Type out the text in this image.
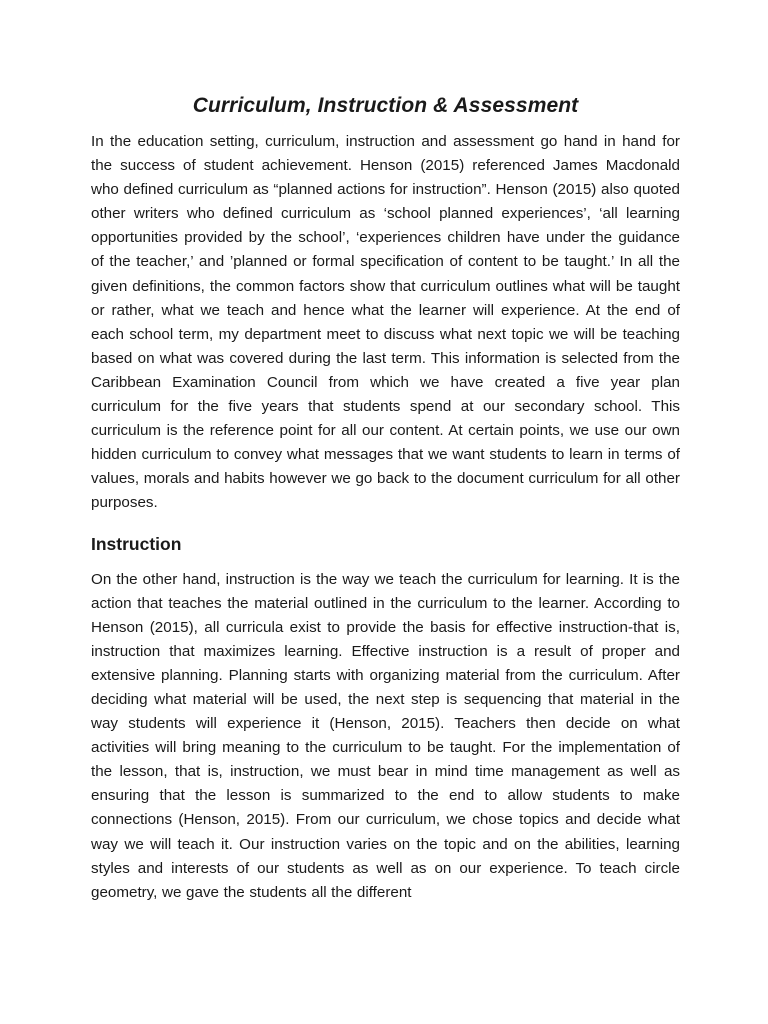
Curriculum, Instruction & Assessment

In the education setting, curriculum, instruction and assessment go hand in hand for the success of student achievement. Henson (2015) referenced James Macdonald who defined curriculum as “planned actions for instruction”. Henson (2015) also quoted other writers who defined curriculum as ‘school planned experiences’, ‘all learning opportunities provided by the school’, ‘experiences children have under the guidance of the teacher,’ and ’planned or formal specification of content to be taught.’ In all the given definitions, the common factors show that curriculum outlines what will be taught or rather, what we teach and hence what the learner will experience. At the end of each school term, my department meet to discuss what next topic we will be teaching based on what was covered during the last term. This information is selected from the Caribbean Examination Council from which we have created a five year plan curriculum for the five years that students spend at our secondary school. This curriculum is the reference point for all our content. At certain points, we use our own hidden curriculum to convey what messages that we want students to learn in terms of values, morals and habits however we go back to the document curriculum for all other purposes.

Instruction

On the other hand, instruction is the way we teach the curriculum for learning. It is the action that teaches the material outlined in the curriculum to the learner. According to Henson (2015), all curricula exist to provide the basis for effective instruction-that is, instruction that maximizes learning. Effective instruction is a result of proper and extensive planning. Planning starts with organizing material from the curriculum. After deciding what material will be used, the next step is sequencing that material in the way students will experience it (Henson, 2015). Teachers then decide on what activities will bring meaning to the curriculum to be taught. For the implementation of the lesson, that is, instruction, we must bear in mind time management as well as ensuring that the lesson is summarized to the end to allow students to make connections (Henson, 2015). From our curriculum, we chose topics and decide what way we will teach it. Our instruction varies on the topic and on the abilities, learning styles and interests of our students as well as on our experience. To teach circle geometry, we gave the students all the different
